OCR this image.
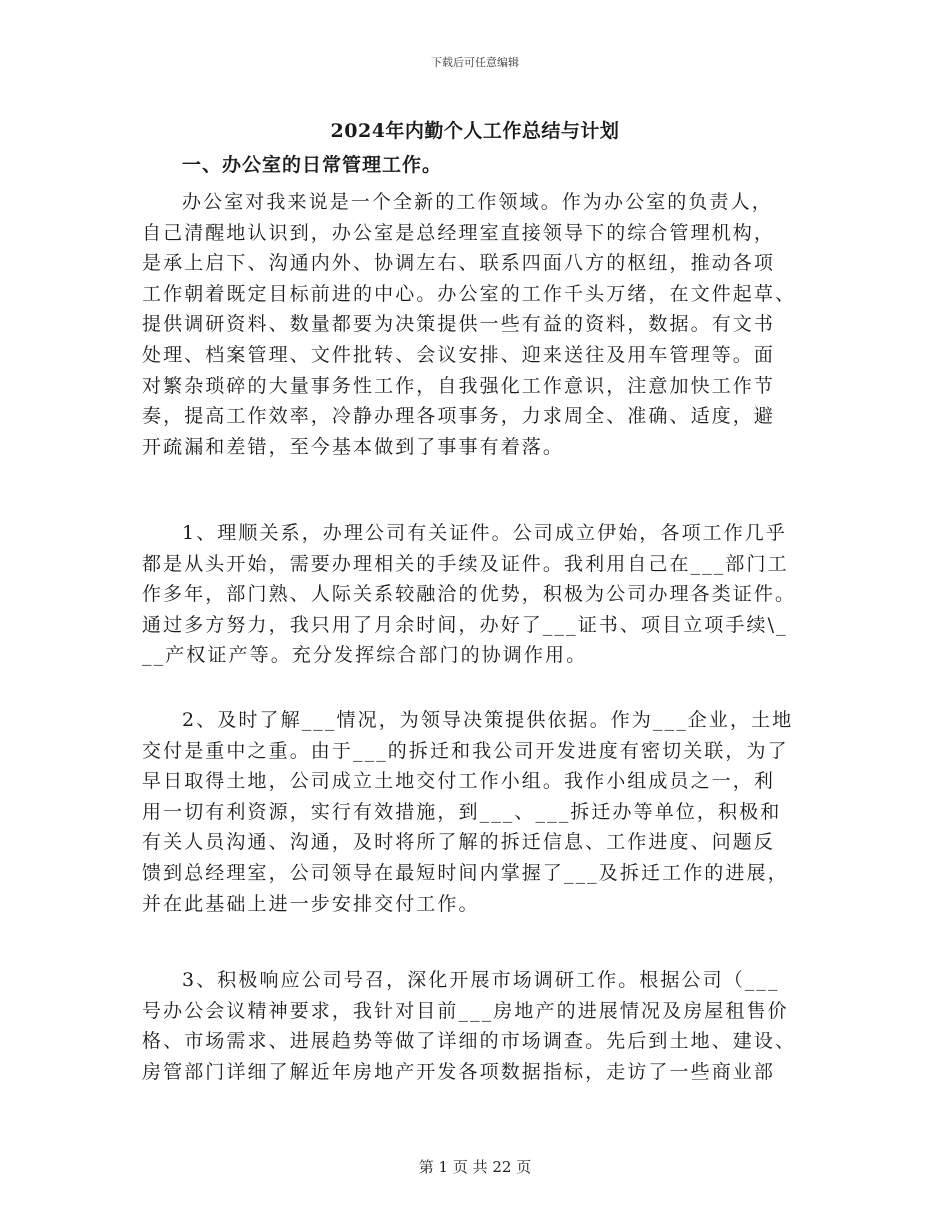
下载后可任意编辑
2024年内勤个人工作总结与计划
一、办公室的日常管理工作。
办公室对我来说是一个全新的工作领域。作为办公室的负责人，
自己清醒地认识到，办公室是总经理室直接领导下的综合管理机构，
是承上启下、沟通内外、协调左右、联系四面八方的枢纽，推动各项
工作朝着既定目标前进的中心。办公室的工作千头万绪，在文件起草、
提供调研资料、数量都要为决策提供一些有益的资料，数据。有文书
处理、档案管理、文件批转、会议安排、迎来送往及用车管理等。面
对繁杂琐碎的大量事务性工作，自我强化工作意识，注意加快工作节
奏，提高工作效率，冷静办理各项事务，力求周全、准确、适度，避
开疏漏和差错，至今基本做到了事事有着落。
1、理顺关系，办理公司有关证件。公司成立伊始，各项工作几乎
都是从头开始，需要办理相关的手续及证件。我利用自己在___部门工
作多年，部门熟、人际关系较融洽的优势，积极为公司办理各类证件。
通过多方努力，我只用了月余时间，办好了___证书、项目立项手续\_
__产权证产等。充分发挥综合部门的协调作用。
2、及时了解___情况，为领导决策提供依据。作为___企业，土地
交付是重中之重。由于___的拆迁和我公司开发进度有密切关联，为了
早日取得土地，公司成立土地交付工作小组。我作小组成员之一，利
用一切有利资源，实行有效措施，到___、___拆迁办等单位，积极和
有关人员沟通、沟通，及时将所了解的拆迁信息、工作进度、问题反
馈到总经理室，公司领导在最短时间内掌握了___及拆迁工作的进展，
并在此基础上进一步安排交付工作。
3、积极响应公司号召，深化开展市场调研工作。根据公司（___
号办公会议精神要求，我针对目前___房地产的进展情况及房屋租售价
格、市场需求、进展趋势等做了详细的市场调查。先后到土地、建设、
房管部门详细了解近年房地产开发各项数据指标，走访了一些商业部
第 1 页 共 22 页
